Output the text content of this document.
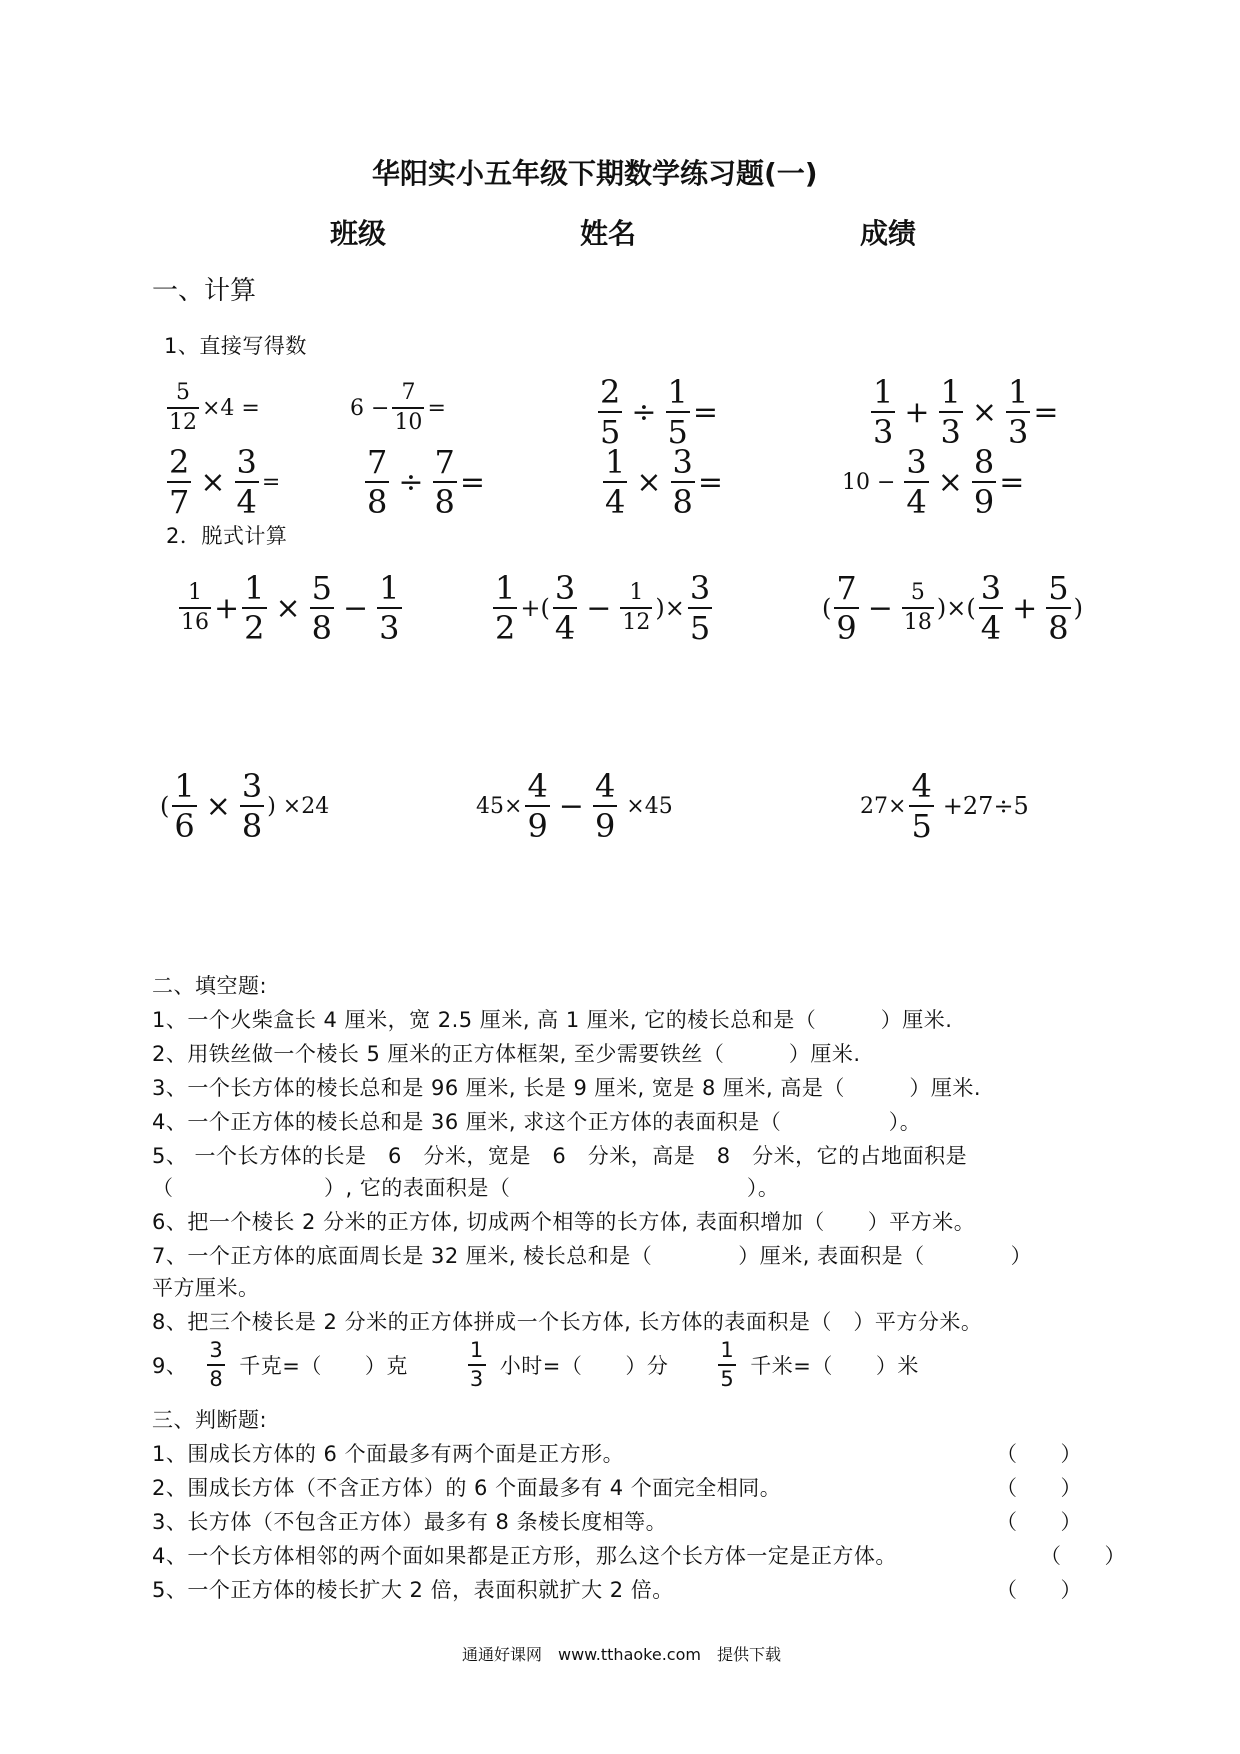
华阳实小五年级下期数学练习题(一)
班级	姓名	成绩
一、计算
1、直接写得数
$\frac{5}{12} \times 4$ =	$6 - \frac{7}{10}$ =	$\frac{2}{5} \div \frac{1}{5}$ =	$\frac{1}{3} + \frac{1}{3} \times \frac{1}{3}$ =
$\frac{2}{7} \times \frac{3}{4}$ =	$\frac{7}{8} \div \frac{7}{8}$ =	$\frac{1}{4} \times \frac{3}{8}$ =	$10 - \frac{3}{4} \times \frac{8}{9}$ =
2．脱式计算
$\frac{1}{16} + \frac{1}{2} \times \frac{5}{8} - \frac{1}{3}$	$\frac{1}{2}$ +( $\frac{3}{4} - \frac{1}{12}$ )× $\frac{3}{5}$	( $\frac{7}{9} - \frac{5}{18}$ )×( $\frac{3}{4} + \frac{5}{8}$ )
( $\frac{1}{6} \times \frac{3}{8}$ ) ×24	$45\times \frac{4}{9} - \frac{4}{9} \times 45$	$27\times \frac{4}{5} +27\div 5$
二、填空题:
1、一个火柴盒长 4 厘米，宽 2.5 厘米, 高 1 厘米, 它的棱长总和是（　　　）厘米.
2、用铁丝做一个棱长 5 厘米的正方体框架, 至少需要铁丝（　　　）厘米.
3、一个长方体的棱长总和是 96 厘米, 长是 9 厘米, 宽是 8 厘米, 高是（　　　）厘米.
4、一个正方体的棱长总和是 36 厘米, 求这个正方体的表面积是（　　　　　）。
5、 一个长方体的长是　6　分米，宽是　6　分米，高是　8　分米，它的占地面积是
（　　　　　　　）, 它的表面积是（　　　　　　　　　　　）。
6、把一个棱长 2 分米的正方体, 切成两个相等的长方体, 表面积增加（　　）平方米。
7、一个正方体的底面周长是 32 厘米, 棱长总和是（　　　　）厘米, 表面积是（　　　　）
平方厘米。
8、把三个棱长是 2 分米的正方体拼成一个长方体, 长方体的表面积是（　）平方分米。
9、 $\frac{3}{8}$ 千克=（　　）克	$\frac{1}{3}$ 小时=（　　）分 $\frac{1}{5}$ 千米=（　　）米
三、判断题:
1、围成长方体的 6 个面最多有两个面是正方形。	（　　）
2、围成长方体（不含正方体）的 6 个面最多有 4 个面完全相同。	（　　）
3、长方体（不包含正方体）最多有 8 条棱长度相等。	（　　）
4、一个长方体相邻的两个面如果都是正方形，那么这个长方体一定是正方体。	（　　）
5、一个正方体的棱长扩大 2 倍，表面积就扩大 2 倍。	（　　）
通通好课网　www.tthaoke.com　提供下载
